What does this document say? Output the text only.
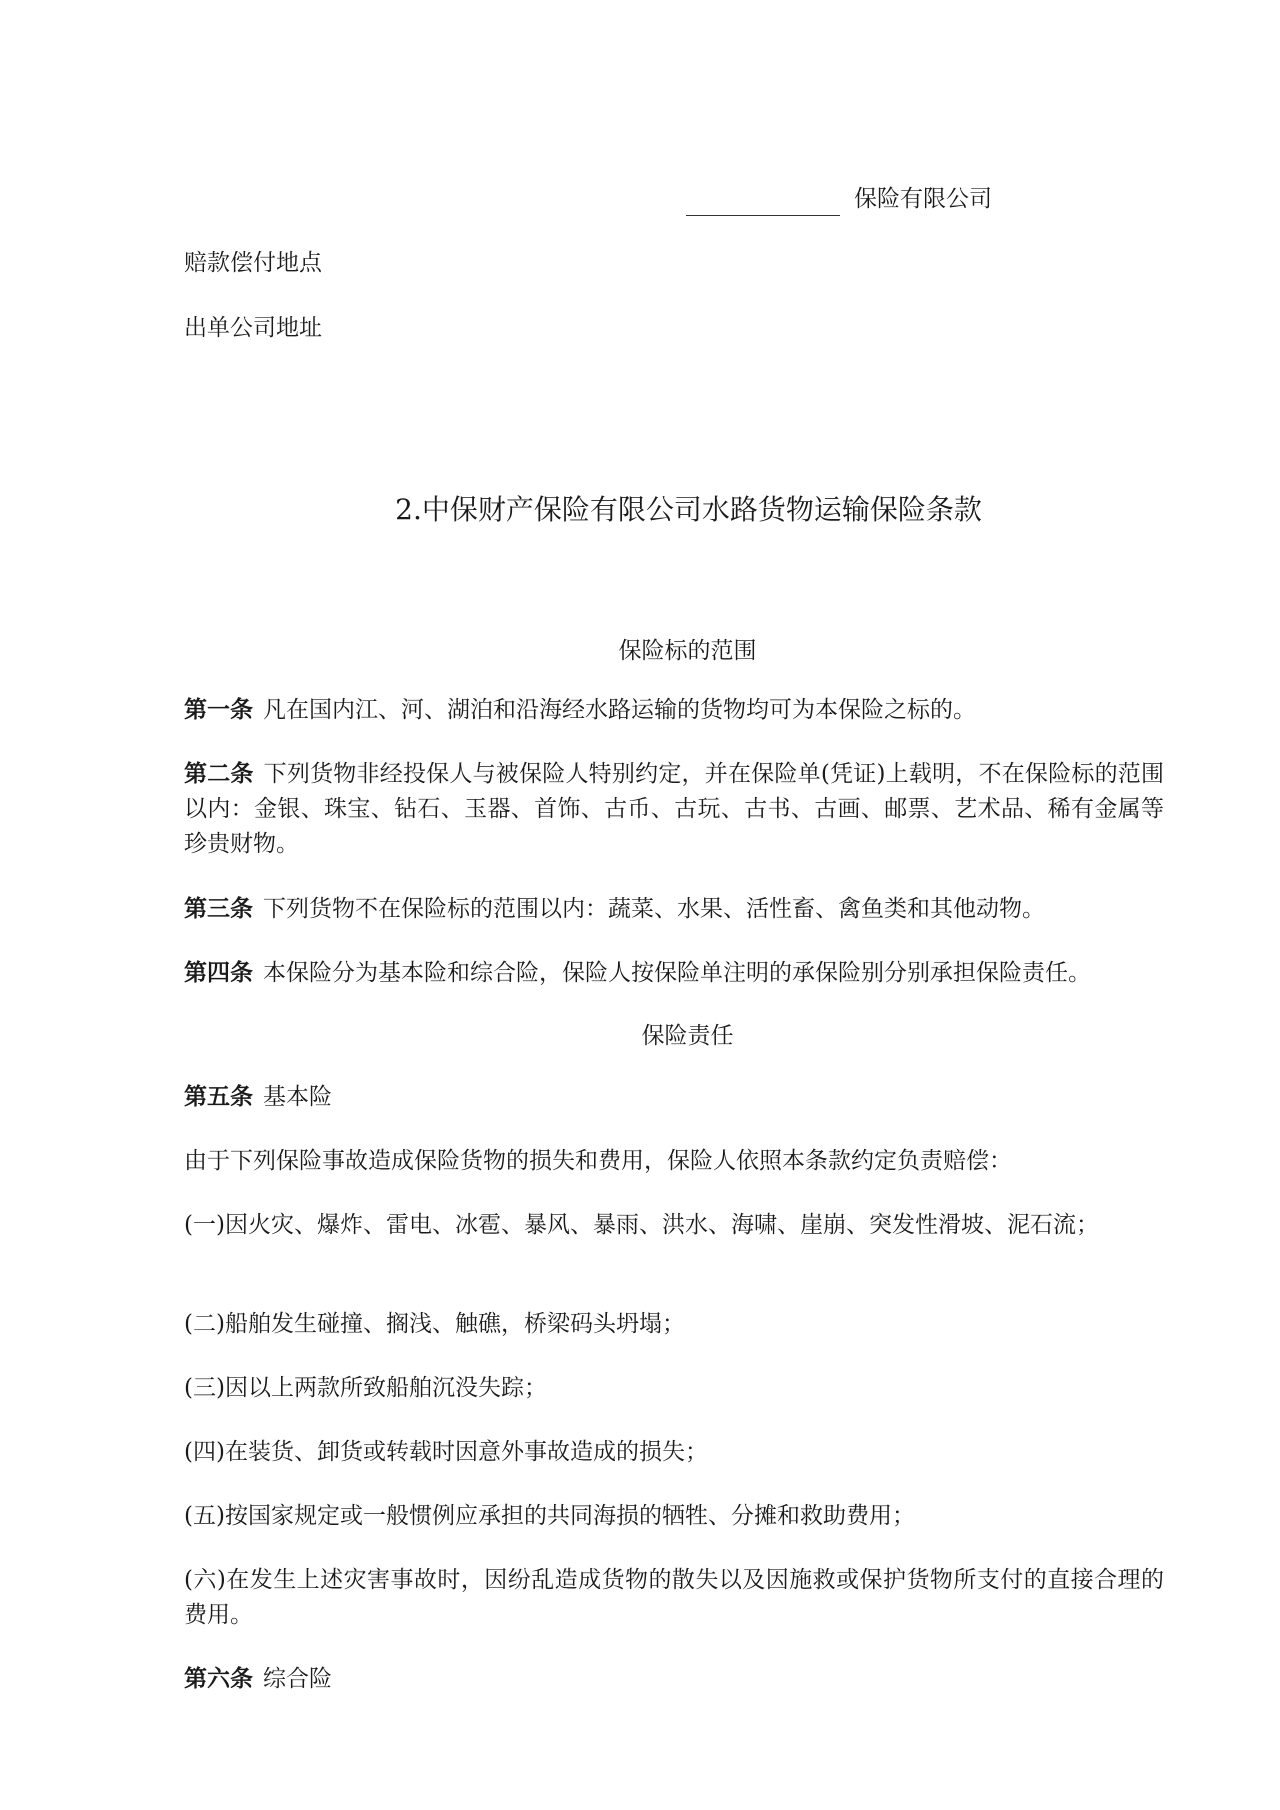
保险有限公司

赔款偿付地点

出单公司地址

2.中保财产保险有限公司水路货物运输保险条款
保险标的范围

第一条 凡在国内江、河、湖泊和沿海经水路运输的货物均可为本保险之标的。

第二条 下列货物非经投保人与被保险人特别约定，并在保险单(凭证)上载明，不在保险标的范围以内：金银、珠宝、钻石、玉器、首饰、古币、古玩、古书、古画、邮票、艺术品、稀有金属等珍贵财物。

第三条 下列货物不在保险标的范围以内：蔬菜、水果、活性畜、禽鱼类和其他动物。

第四条 本保险分为基本险和综合险，保险人按保险单注明的承保险别分别承担保险责任。

保险责任

第五条 基本险

由于下列保险事故造成保险货物的损失和费用，保险人依照本条款约定负责赔偿：

(一)因火灾、爆炸、雷电、冰雹、暴风、暴雨、洪水、海啸、崖崩、突发性滑坡、泥石流；

(二)船舶发生碰撞、搁浅、触礁，桥梁码头坍塌；

(三)因以上两款所致船舶沉没失踪；

(四)在装货、卸货或转载时因意外事故造成的损失；

(五)按国家规定或一般惯例应承担的共同海损的牺牲、分摊和救助费用；

(六)在发生上述灾害事故时，因纷乱造成货物的散失以及因施救或保护货物所支付的直接合理的费用。

第六条 综合险
